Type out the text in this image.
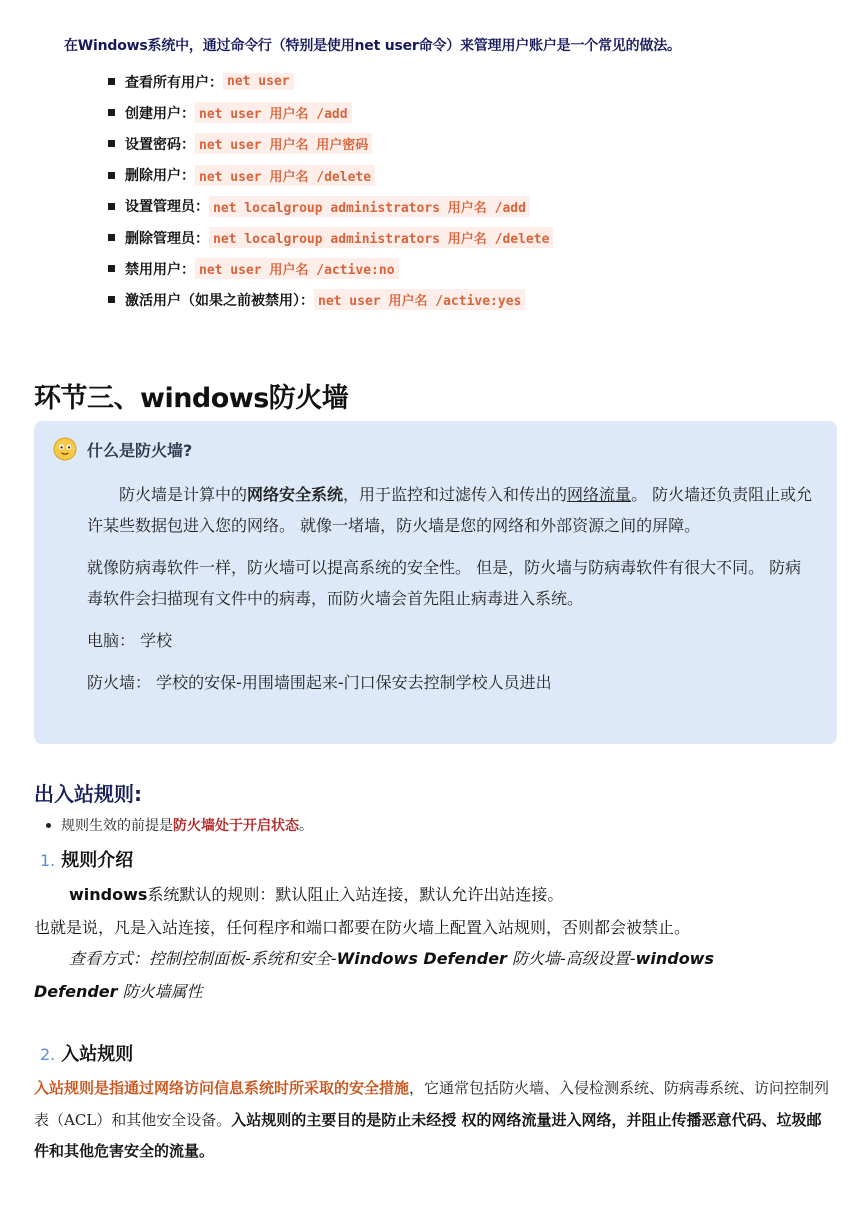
在Windows系统中，通过命令行（特别是使用net user命令）来管理用户账户是一个常见的做法。

查看所有用户： net user
创建用户： net user 用户名 /add
设置密码： net user 用户名 用户密码
删除用户： net user 用户名 /delete
设置管理员： net localgroup administrators 用户名 /add
删除管理员： net localgroup administrators 用户名 /delete
禁用用户： net user 用户名 /active:no
激活用户（如果之前被禁用）： net user 用户名 /active:yes
环节三、windows防火墙
什么是防火墙?

防火墙是计算中的网络安全系统，用于监控和过滤传入和传出的网络流量。 防火墙还负责阻止或允许某些数据包进入您的网络。 就像一堵墙，防火墙是您的网络和外部资源之间的屏障。

就像防病毒软件一样，防火墙可以提高系统的安全性。 但是，防火墙与防病毒软件有很大不同。 防病毒软件会扫描现有文件中的病毒，而防火墙会首先阻止病毒进入系统。

电脑： 学校

防火墙： 学校的安保-用围墙围起来-门口保安去控制学校人员进出

出入站规则:
规则生效的前提是 防火墙处于开启状态 。
1. 规则介绍

windows系统默认的规则：默认阻止入站连接，默认允许出站连接。

也就是说，凡是入站连接，任何程序和端口都要在防火墙上配置入站规则，否则都会被禁止。

查看方式：控制控制面板-系统和安全-Windows Defender 防火墙-高级设置-windows

Defender 防火墙属性

2. 入站规则

入站规则是指通过网络访问信息系统时所采取的安全措施，它通常包括防火墙、入侵检测系统、防病毒系统、访问控制列表（ACL）和其他安全设备。入站规则的主要目的是防止未经授 权的网络流量进入网络，并阻止传播恶意代码、垃圾邮件和其他危害安全的流量。
